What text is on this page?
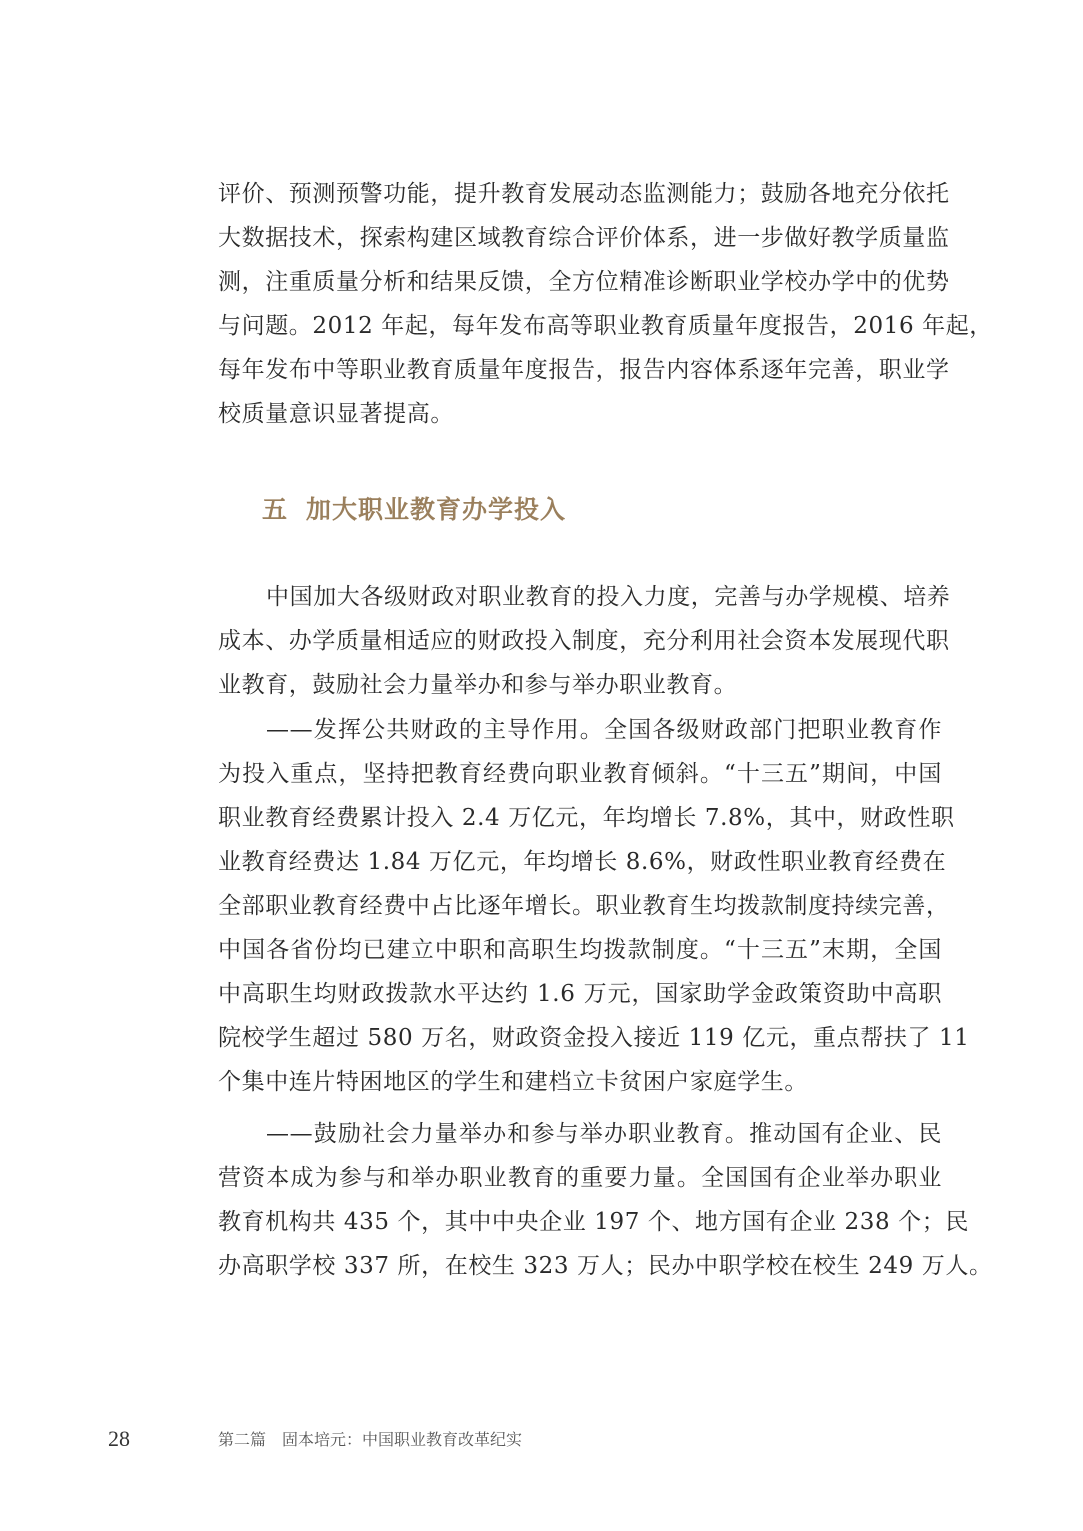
评价、预测预警功能，提升教育发展动态监测能力；鼓励各地充分依托
大数据技术，探索构建区域教育综合评价体系，进一步做好教学质量监
测，注重质量分析和结果反馈，全方位精准诊断职业学校办学中的优势
与问题。2012 年起，每年发布高等职业教育质量年度报告，2016 年起，
每年发布中等职业教育质量年度报告，报告内容体系逐年完善，职业学
校质量意识显著提高。
五 加大职业教育办学投入
中国加大各级财政对职业教育的投入力度，完善与办学规模、培养
成本、办学质量相适应的财政投入制度，充分利用社会资本发展现代职
业教育，鼓励社会力量举办和参与举办职业教育。
——发挥公共财政的主导作用。全国各级财政部门把职业教育作
为投入重点，坚持把教育经费向职业教育倾斜。“十三五”期间，中国
职业教育经费累计投入 2.4 万亿元，年均增长 7.8%，其中，财政性职
业教育经费达 1.84 万亿元，年均增长 8.6%，财政性职业教育经费在
全部职业教育经费中占比逐年增长。职业教育生均拨款制度持续完善，
中国各省份均已建立中职和高职生均拨款制度。“十三五”末期，全国
中高职生均财政拨款水平达约 1.6 万元，国家助学金政策资助中高职
院校学生超过 580 万名，财政资金投入接近 119 亿元，重点帮扶了 11
个集中连片特困地区的学生和建档立卡贫困户家庭学生。
——鼓励社会力量举办和参与举办职业教育。推动国有企业、民
营资本成为参与和举办职业教育的重要力量。全国国有企业举办职业
教育机构共 435 个，其中中央企业 197 个、地方国有企业 238 个；民
办高职学校 337 所，在校生 323 万人；民办中职学校在校生 249 万人。
28	第二篇 固本培元：中国职业教育改革纪实
